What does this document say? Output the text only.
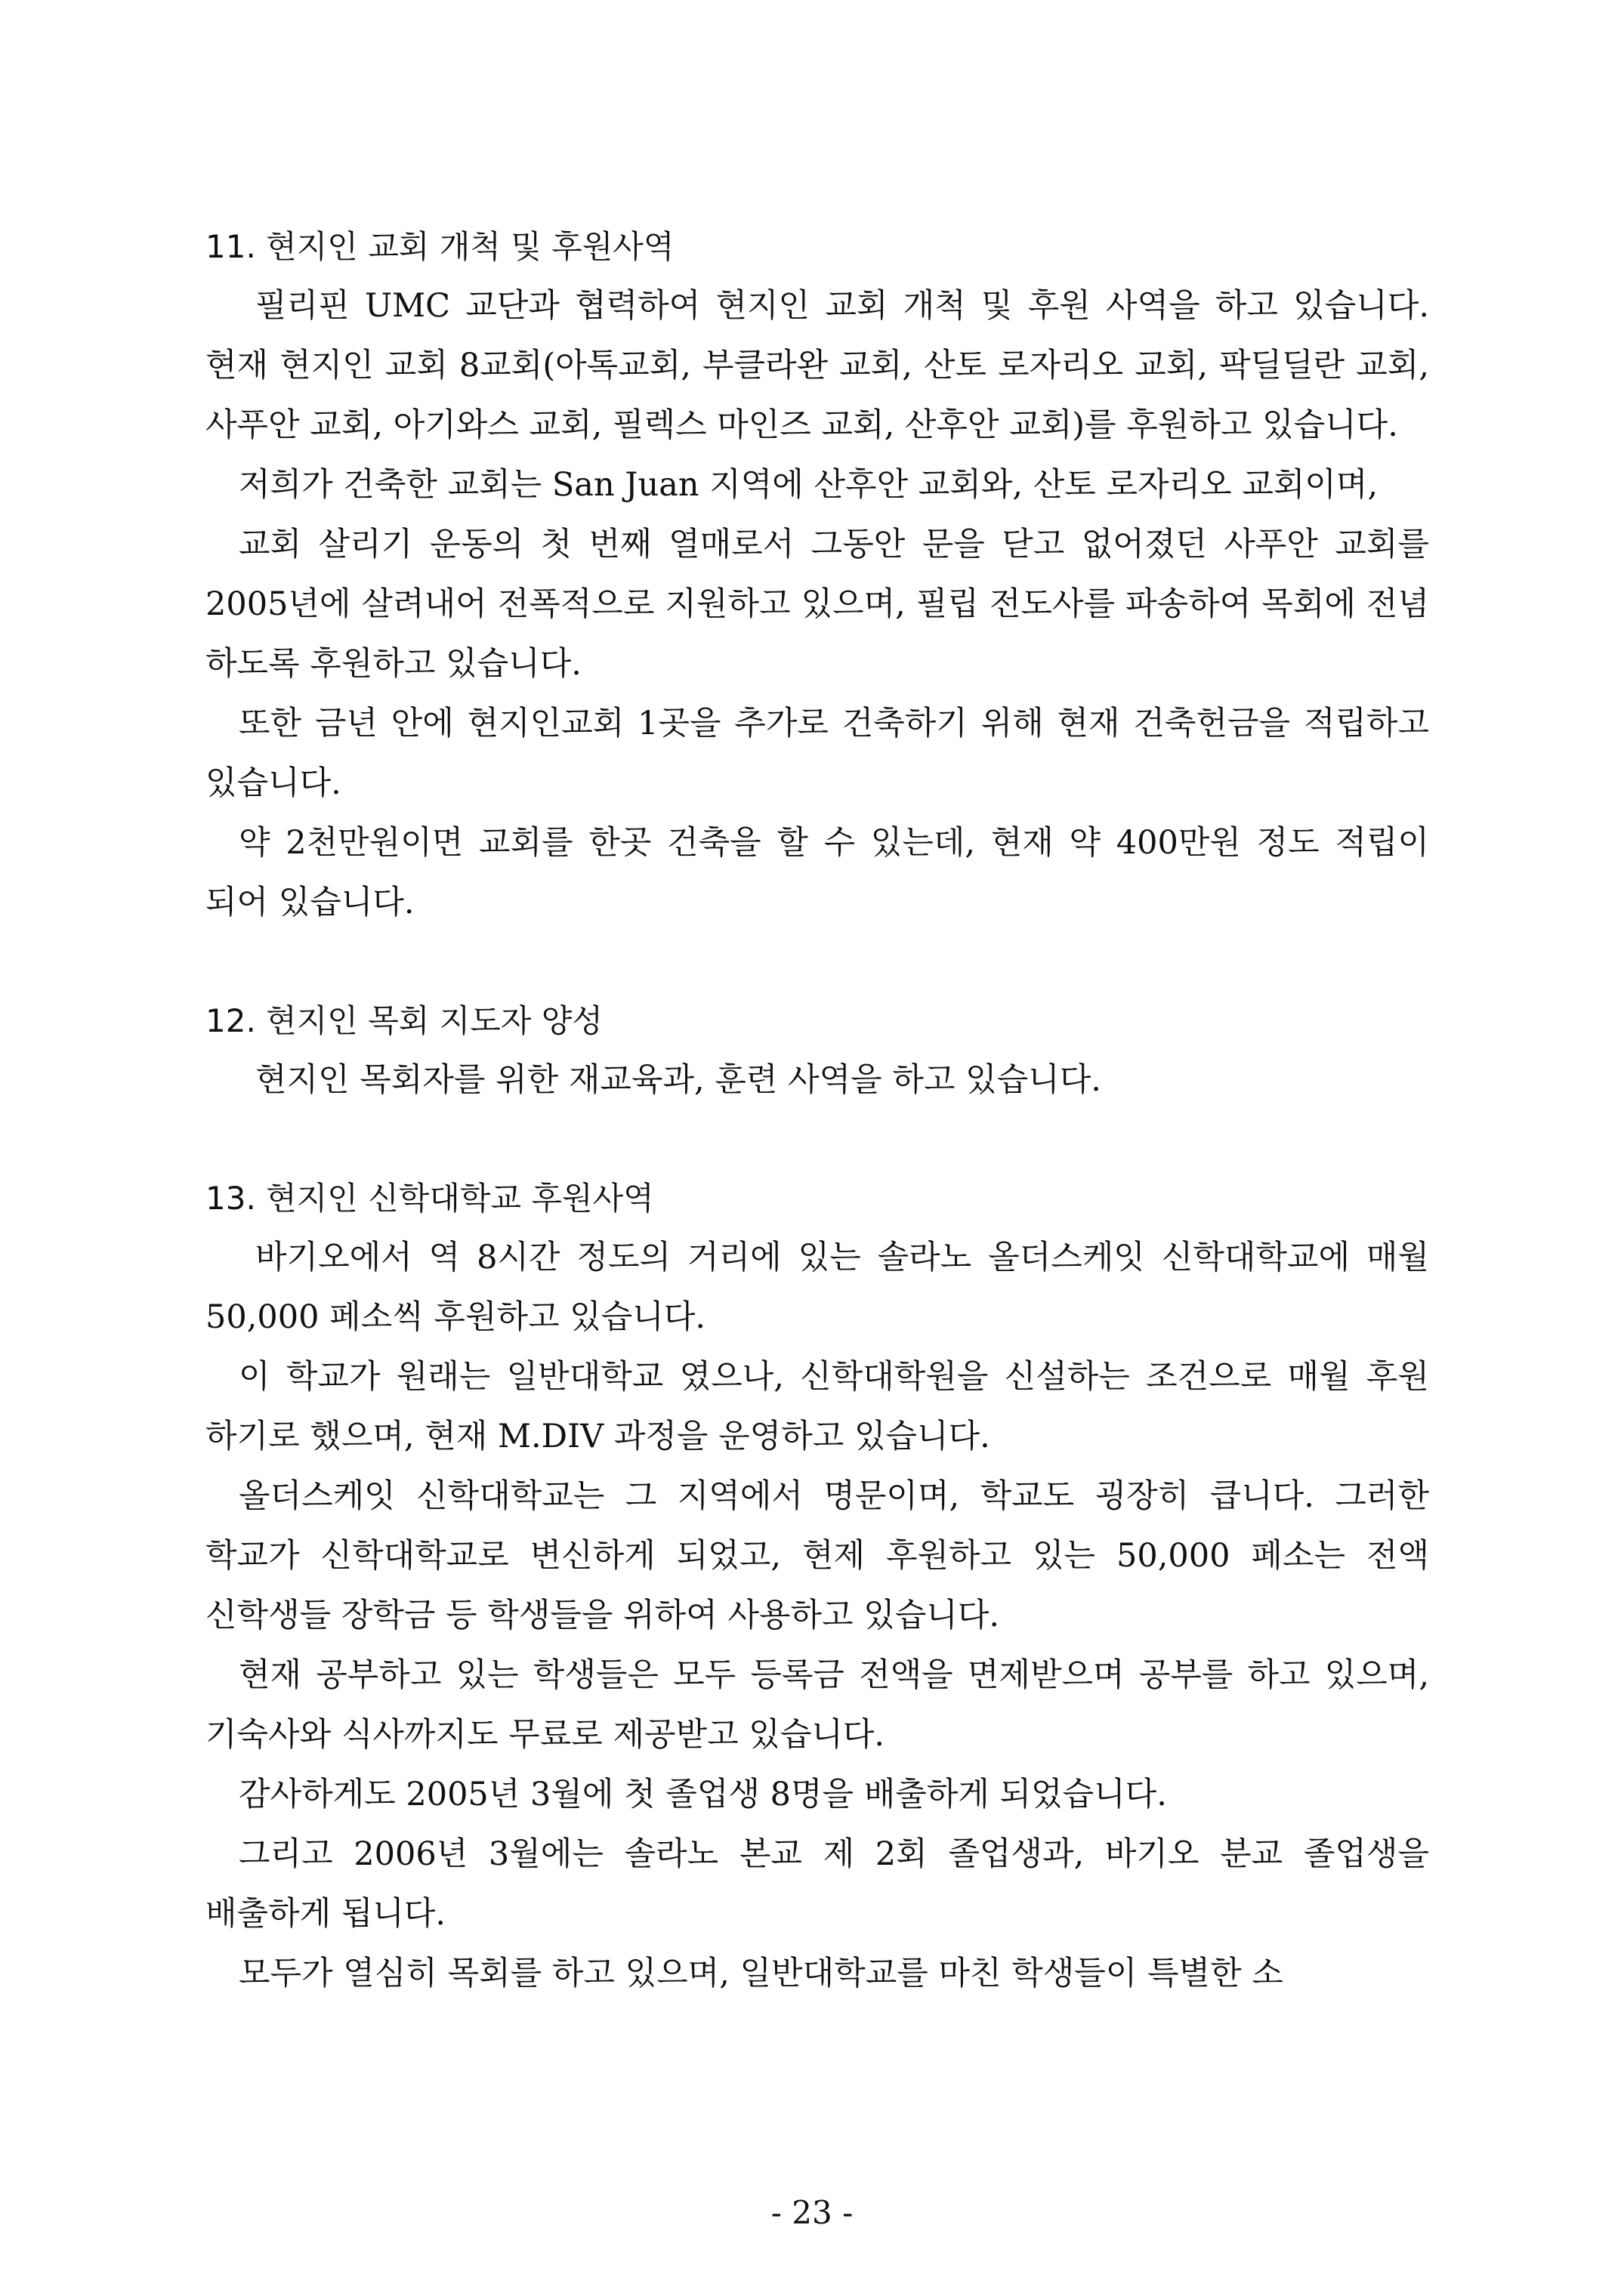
11. 현지인 교회 개척 및 후원사역

필리핀 UMC 교단과 협력하여 현지인 교회 개척 및 후원 사역을 하고 있습니다. 현재 현지인 교회 8교회(아톡교회, 부클라완 교회, 산토 로자리오 교회, 팍딜딜란 교회, 사푸안 교회, 아기와스 교회, 필렉스 마인즈 교회, 산후안 교회)를 후원하고 있습니다.

저희가 건축한 교회는 San Juan 지역에 산후안 교회와, 산토 로자리오 교회이며,

교회 살리기 운동의 첫 번째 열매로서 그동안 문을 닫고 없어졌던 사푸안 교회를 2005년에 살려내어 전폭적으로 지원하고 있으며, 필립 전도사를 파송하여 목회에 전념 하도록 후원하고 있습니다.

또한 금년 안에 현지인교회 1곳을 추가로 건축하기 위해 현재 건축헌금을 적립하고 있습니다.

약 2천만원이면 교회를 한곳 건축을 할 수 있는데, 현재 약 400만원 정도 적립이 되어 있습니다.

12. 현지인 목회 지도자 양성

현지인 목회자를 위한 재교육과, 훈련 사역을 하고 있습니다.

13. 현지인 신학대학교 후원사역

바기오에서 역 8시간 정도의 거리에 있는 솔라노 올더스케잇 신학대학교에 매월 50,000 페소씩 후원하고 있습니다.

이 학교가 원래는 일반대학교 였으나, 신학대학원을 신설하는 조건으로 매월 후원 하기로 했으며, 현재 M.DIV 과정을 운영하고 있습니다.

올더스케잇 신학대학교는 그 지역에서 명문이며, 학교도 굉장히 큽니다. 그러한 학교가 신학대학교로 변신하게 되었고, 현제 후원하고 있는 50,000 페소는 전액 신학생들 장학금 등 학생들을 위하여 사용하고 있습니다.

현재 공부하고 있는 학생들은 모두 등록금 전액을 면제받으며 공부를 하고 있으며, 기숙사와 식사까지도 무료로 제공받고 있습니다.

감사하게도 2005년 3월에 첫 졸업생 8명을 배출하게 되었습니다.

그리고 2006년 3월에는 솔라노 본교 제 2회 졸업생과, 바기오 분교 졸업생을 배출하게 됩니다.

모두가 열심히 목회를 하고 있으며, 일반대학교를 마친 학생들이 특별한 소

- 23 -
